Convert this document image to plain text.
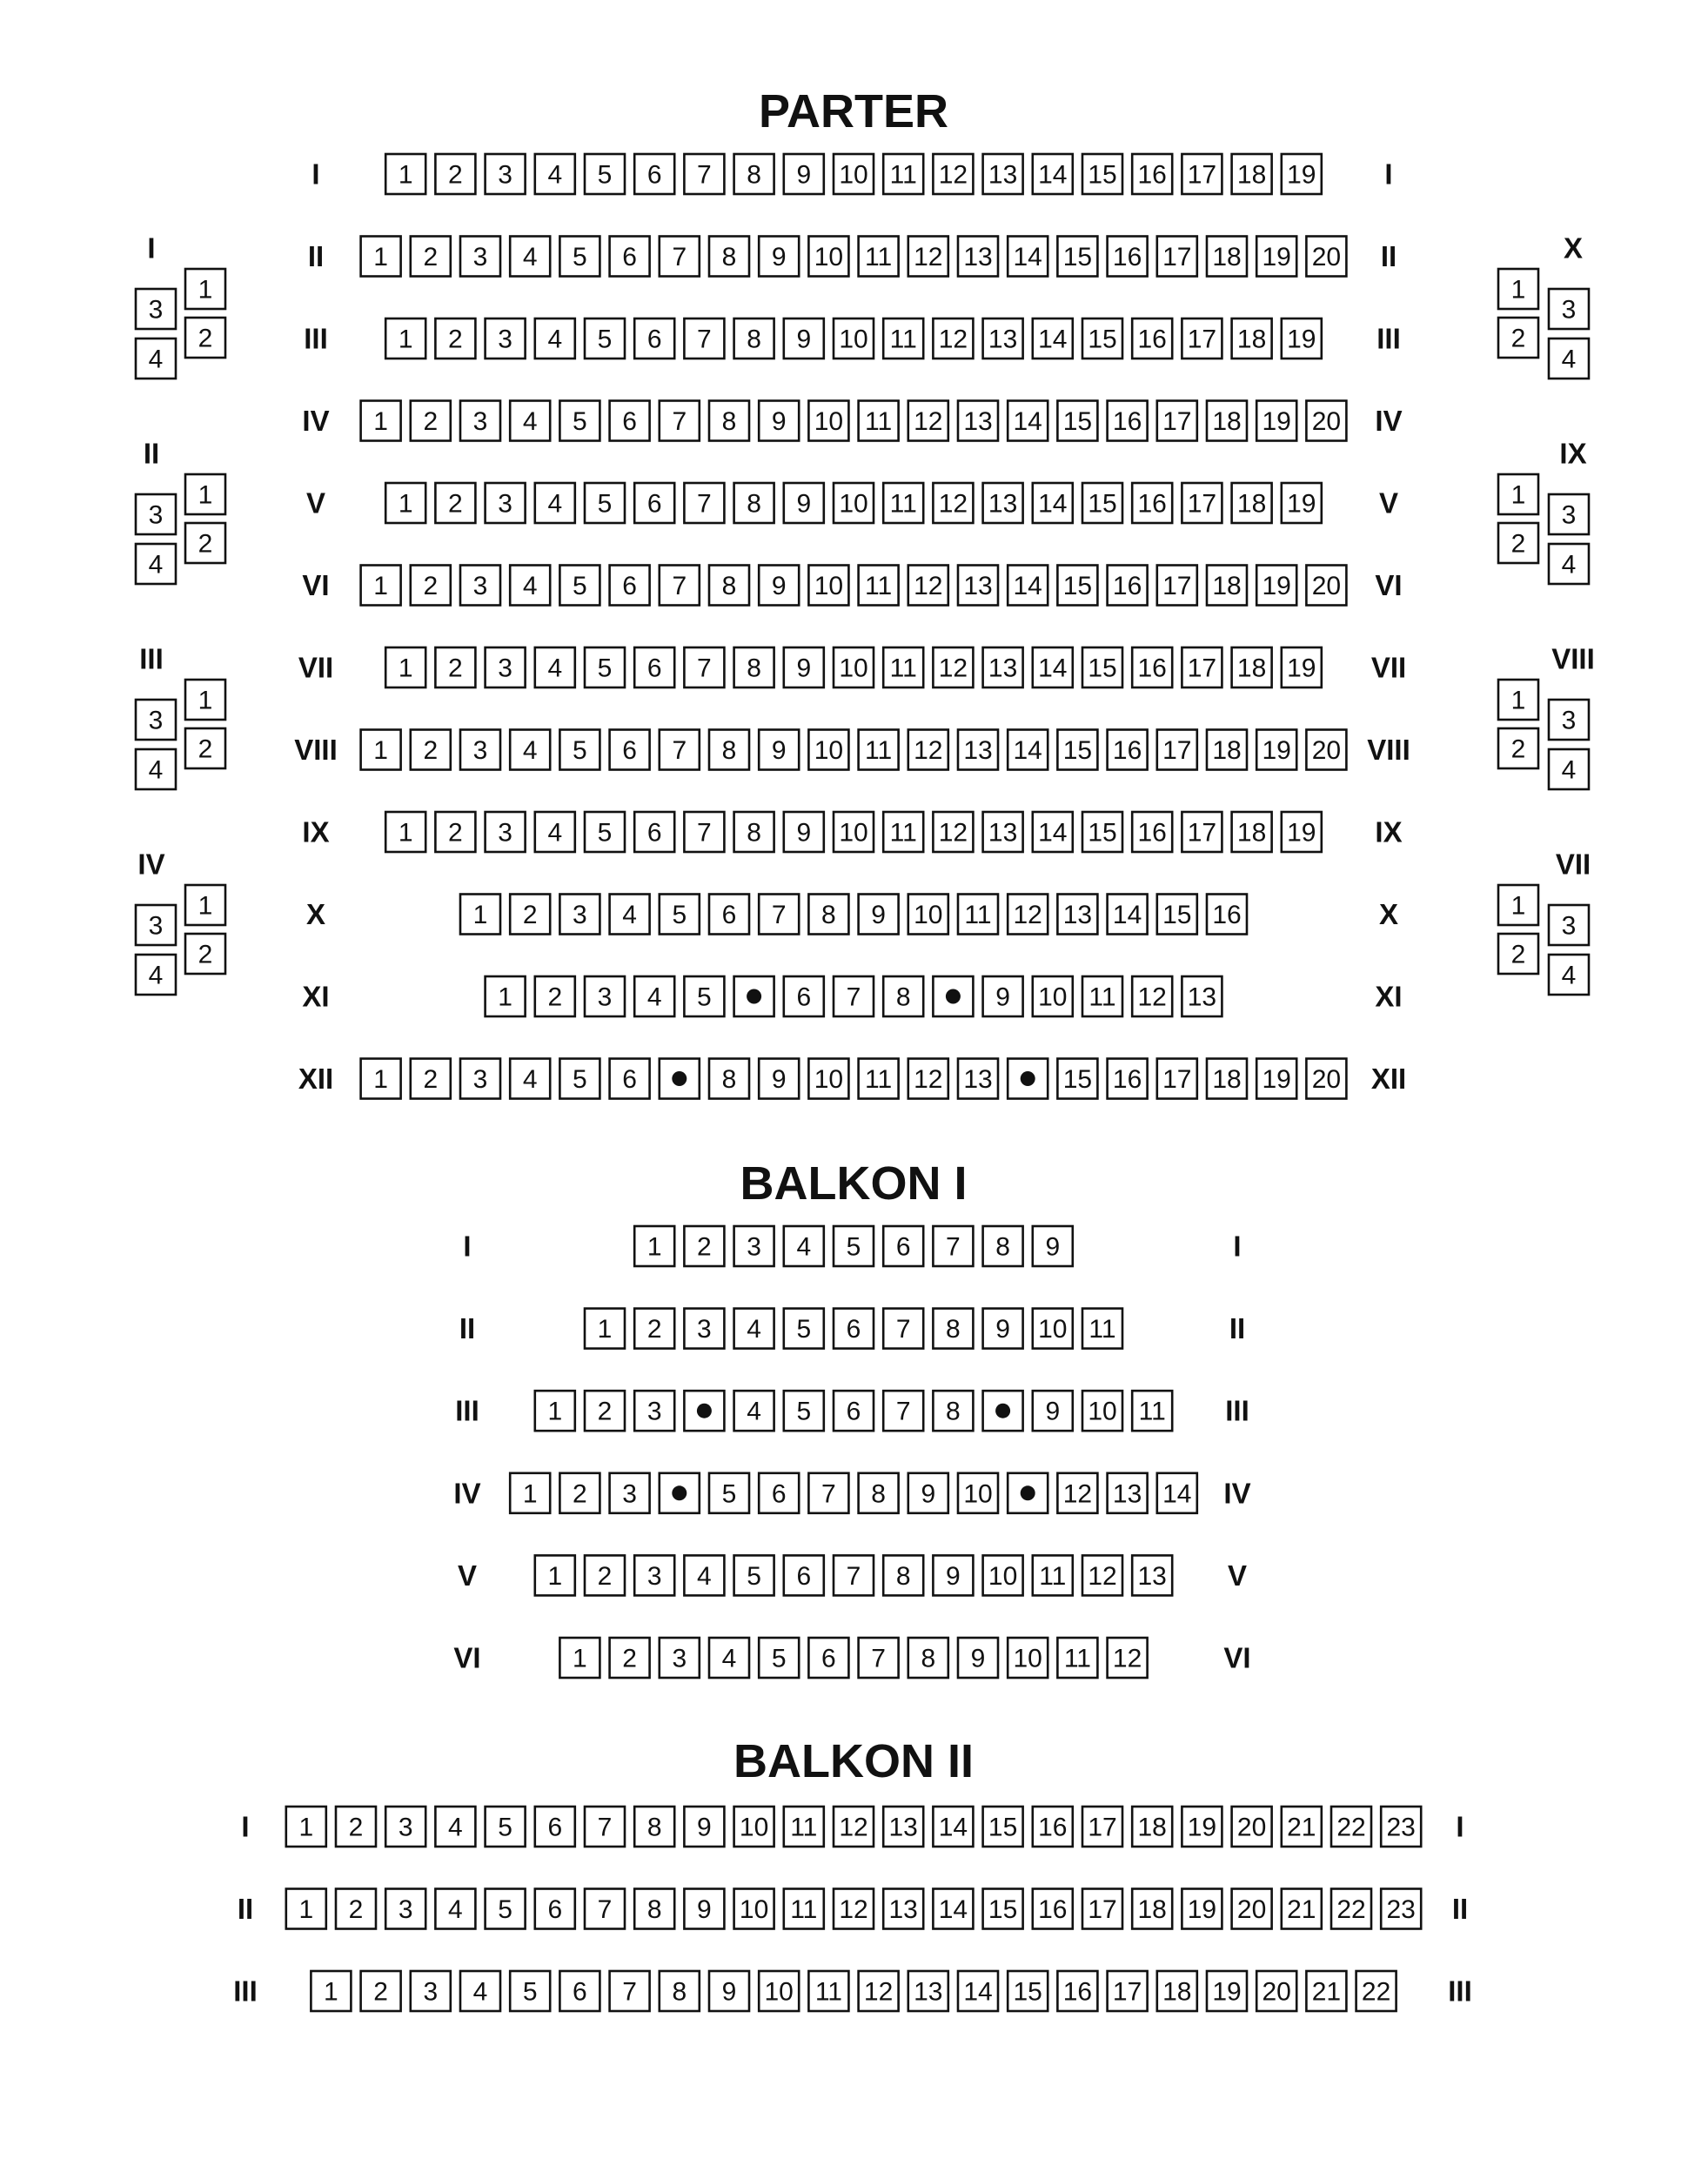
PARTER
I	I
1 2 3 4 5 6 7 8 9 10 11 12 13 14 15 16 17 18 19
II	II
1 2 3 4 5 6 7 8 9 10 11 12 13 14 15 16 17 18 19 20
III	III
1 2 3 4 5 6 7 8 9 10 11 12 13 14 15 16 17 18 19
IV	IV
1 2 3 4 5 6 7 8 9 10 11 12 13 14 15 16 17 18 19 20
V	V
1 2 3 4 5 6 7 8 9 10 11 12 13 14 15 16 17 18 19
VI	VI
1 2 3 4 5 6 7 8 9 10 11 12 13 14 15 16 17 18 19 20
VII	VII
1 2 3 4 5 6 7 8 9 10 11 12 13 14 15 16 17 18 19
VIII	VIII
1 2 3 4 5 6 7 8 9 10 11 12 13 14 15 16 17 18 19 20
IX	IX
1 2 3 4 5 6 7 8 9 10 11 12 13 14 15 16 17 18 19
X	X
1 2 3 4 5 6 7 8 9 10 11 12 13 14 15 16
XI	XI
1 2 3 4 5	6 7 8	9 10 11 12 13
XII	XII
1 2 3 4 5 6	8 9 10 11 12 13	15 16 17 18 19 20
BALKON I
I	I
1 2 3 4 5 6 7 8 9
II	II
1 2 3 4 5 6 7 8 9 10 11
III	III
1 2 3	4 5 6 7 8	9 10 11
IV	IV
1 2 3	5 6 7 8 9 10	12 13 14
V	V
1 2 3 4 5 6 7 8 9 10 11 12 13
VI	VI
1 2 3 4 5 6 7 8 9 10 11 12
BALKON II
I	I
1 2 3 4 5 6 7 8 9 10 11 12 13 14 15 16 17 18 19 20 21 22 23
II	II
1 2 3 4 5 6 7 8 9 10 11 12 13 14 15 16 17 18 19 20 21 22 23
III	III
1 2 3 4 5 6 7 8 9 10 11 12 13 14 15 16 17 18 19 20 21 22
I
1
2
3
4
II
1
2
3
4
III
1
2
3
4
IV
1
2
3
4
X
1
2
3
4
IX
1
2
3
4
VIII
1
2
3
4
VII
1
2
3
4
